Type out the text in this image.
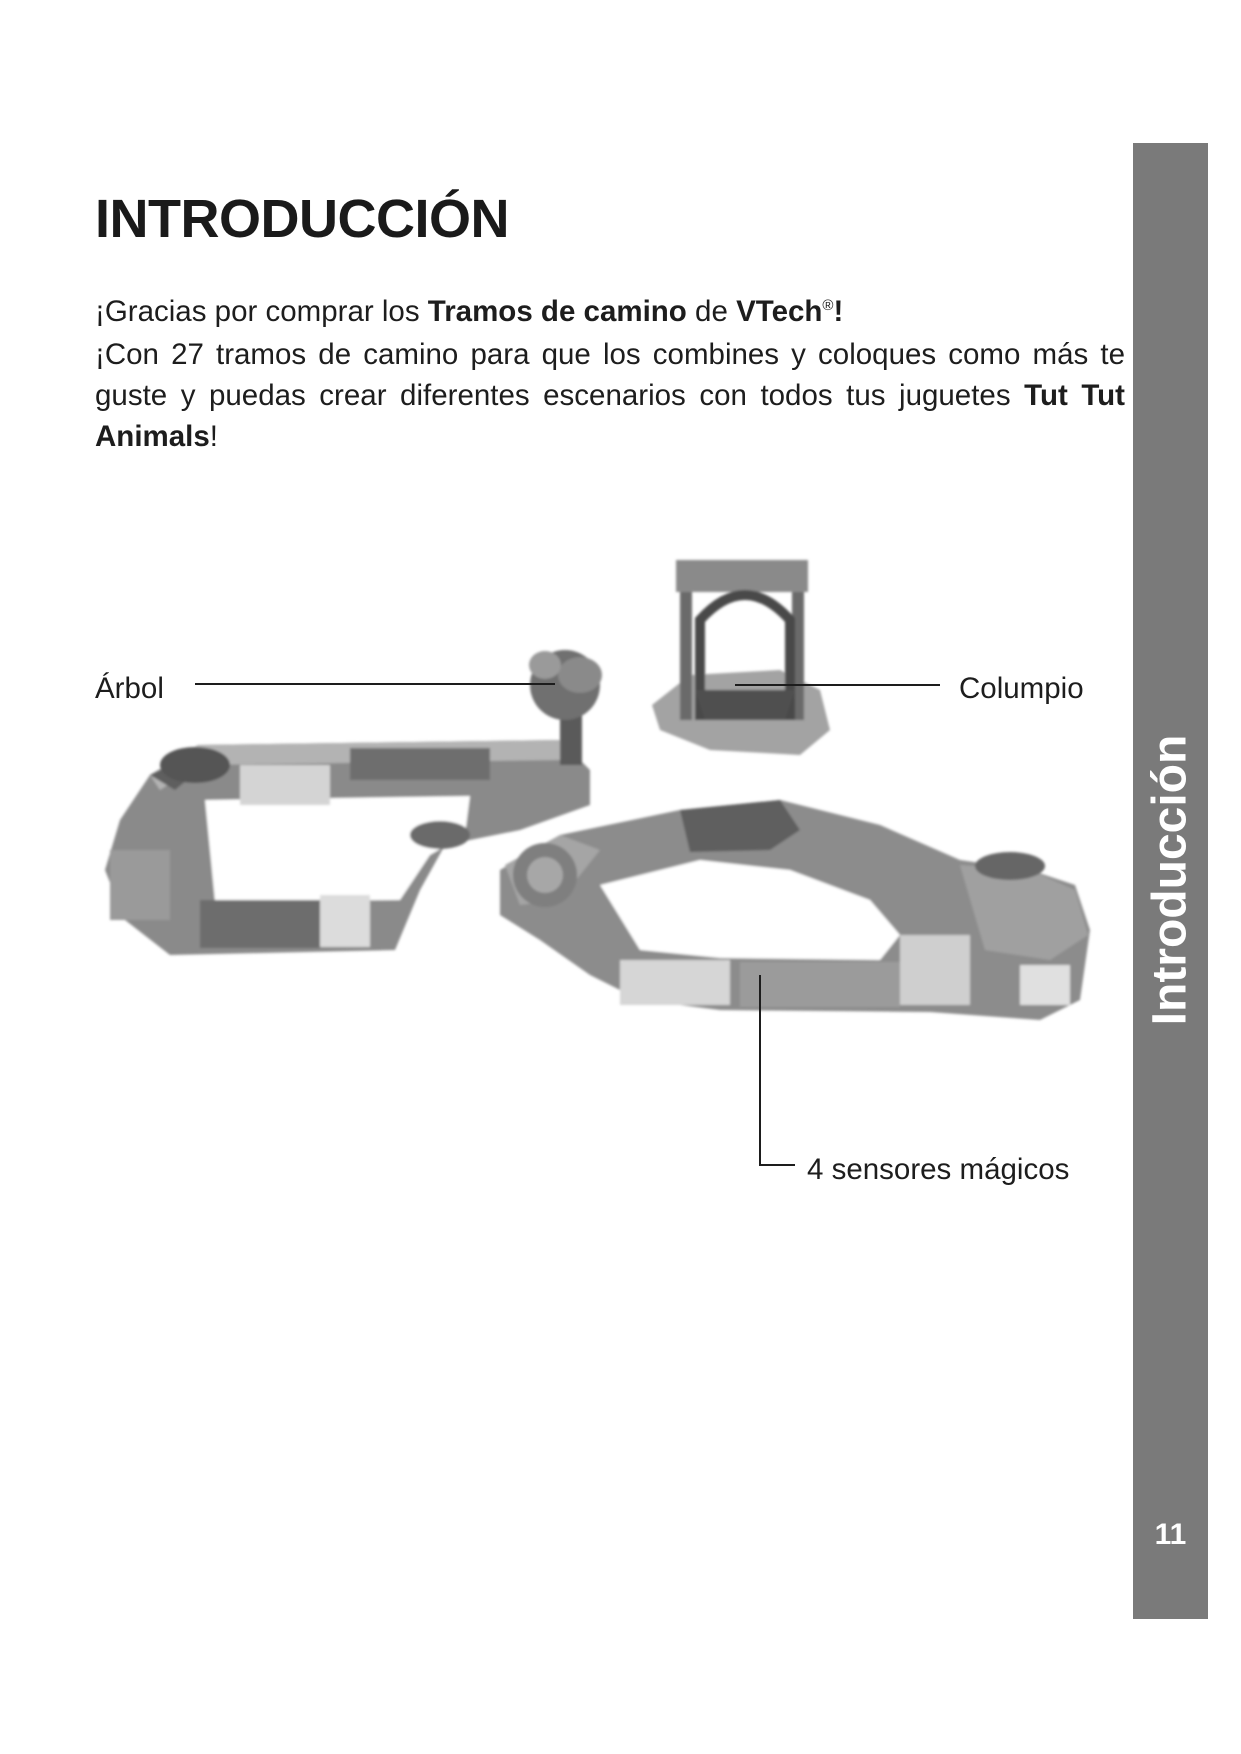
INTRODUCCIÓN

¡Gracias por comprar los Tramos de camino de VTech®!

¡Con 27 tramos de camino para que los combines y coloques como más te guste y puedas crear diferentes escenarios con todos tus juguetes Tut Tut Animals!

Árbol	Columpio
4 sensores mágicos
Introducción
11
